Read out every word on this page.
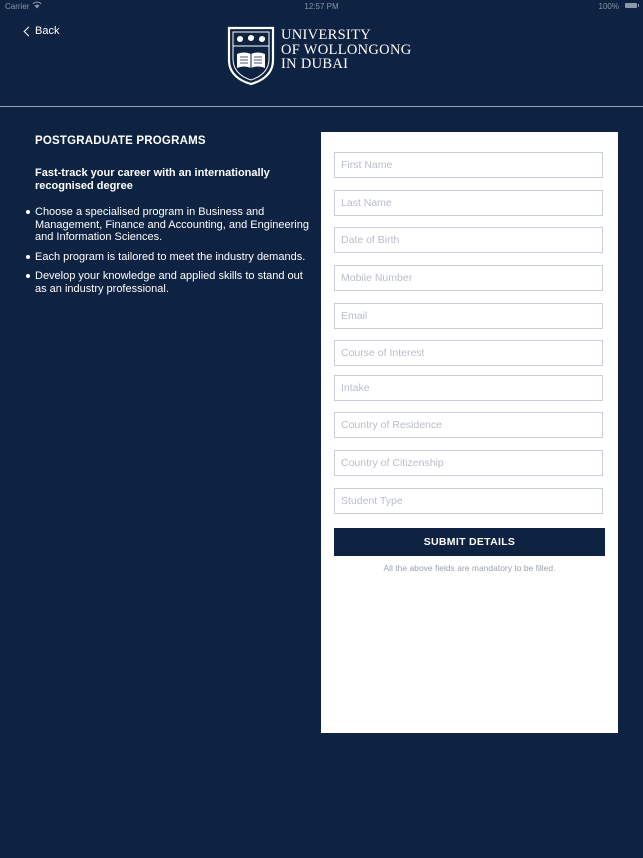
Carrier	12:57 PM	100%
Back	UNIVERSITY
OF WOLLONGONG
IN DUBAI
POSTGRADUATE PROGRAMS
Fast-track your career with an internationally recognised degree
Choose a specialised program in Business and Management, Finance and Accounting, and Engineering and Information Sciences.
Each program is tailored to meet the industry demands.
Develop your knowledge and applied skills to stand out as an industry professional.
First Name
Last Name
Date of Birth
Mobile Number
Email
Course of Interest
Intake
Country of Residence
Country of Citizenship
Student Type
SUBMIT DETAILS
All the above fields are mandatory to be filled.
